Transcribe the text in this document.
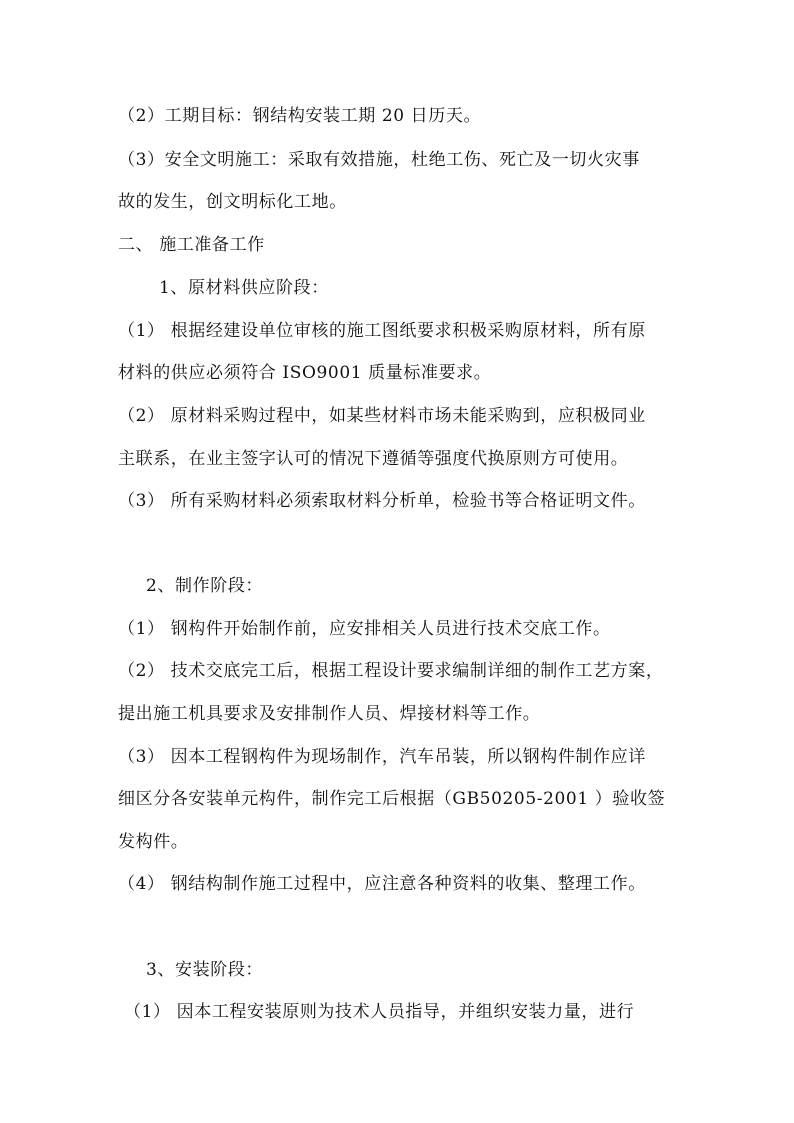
（2）工期目标：钢结构安装工期 20 日历天。
（3）安全文明施工：采取有效措施，杜绝工伤、死亡及一切火灾事
故的发生，创文明标化工地。
二、 施工准备工作
1、原材料供应阶段：
（1） 根据经建设单位审核的施工图纸要求积极采购原材料，所有原
材料的供应必须符合 ISO9001 质量标准要求。
（2） 原材料采购过程中，如某些材料市场未能采购到，应积极同业
主联系，在业主签字认可的情况下遵循等强度代换原则方可使用。
（3） 所有采购材料必须索取材料分析单，检验书等合格证明文件。
2、制作阶段：
（1） 钢构件开始制作前，应安排相关人员进行技术交底工作。
（2） 技术交底完工后，根据工程设计要求编制详细的制作工艺方案，
提出施工机具要求及安排制作人员、焊接材料等工作。
（3） 因本工程钢构件为现场制作，汽车吊装，所以钢构件制作应详
细区分各安装单元构件，制作完工后根据（GB50205-2001 ）验收签
发构件。
（4） 钢结构制作施工过程中，应注意各种资料的收集、整理工作。
3、安装阶段：
（1） 因本工程安装原则为技术人员指导，并组织安装力量，进行
